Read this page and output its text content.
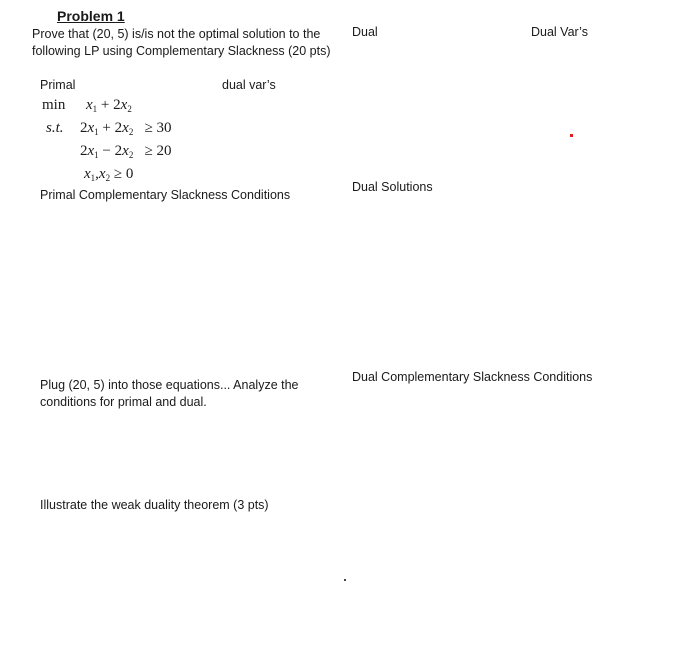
Problem 1
Prove that (20, 5) is/is not the optimal solution to the following LP using Complementary Slackness (20 pts)
Primal	dual var’s
$\min x_1 + 2x_2$
s.t. $2x_1 + 2x_2 \ge 30$
$2x_1 - 2x_2 \ge 20$
$x_1,x_2 \ge 0$
Primal Complementary Slackness Conditions
Plug (20, 5) into those equations... Analyze the conditions for primal and dual.
Illustrate the weak duality theorem (3 pts)
Dual	Dual Var’s
Dual Solutions
Dual Complementary Slackness Conditions
